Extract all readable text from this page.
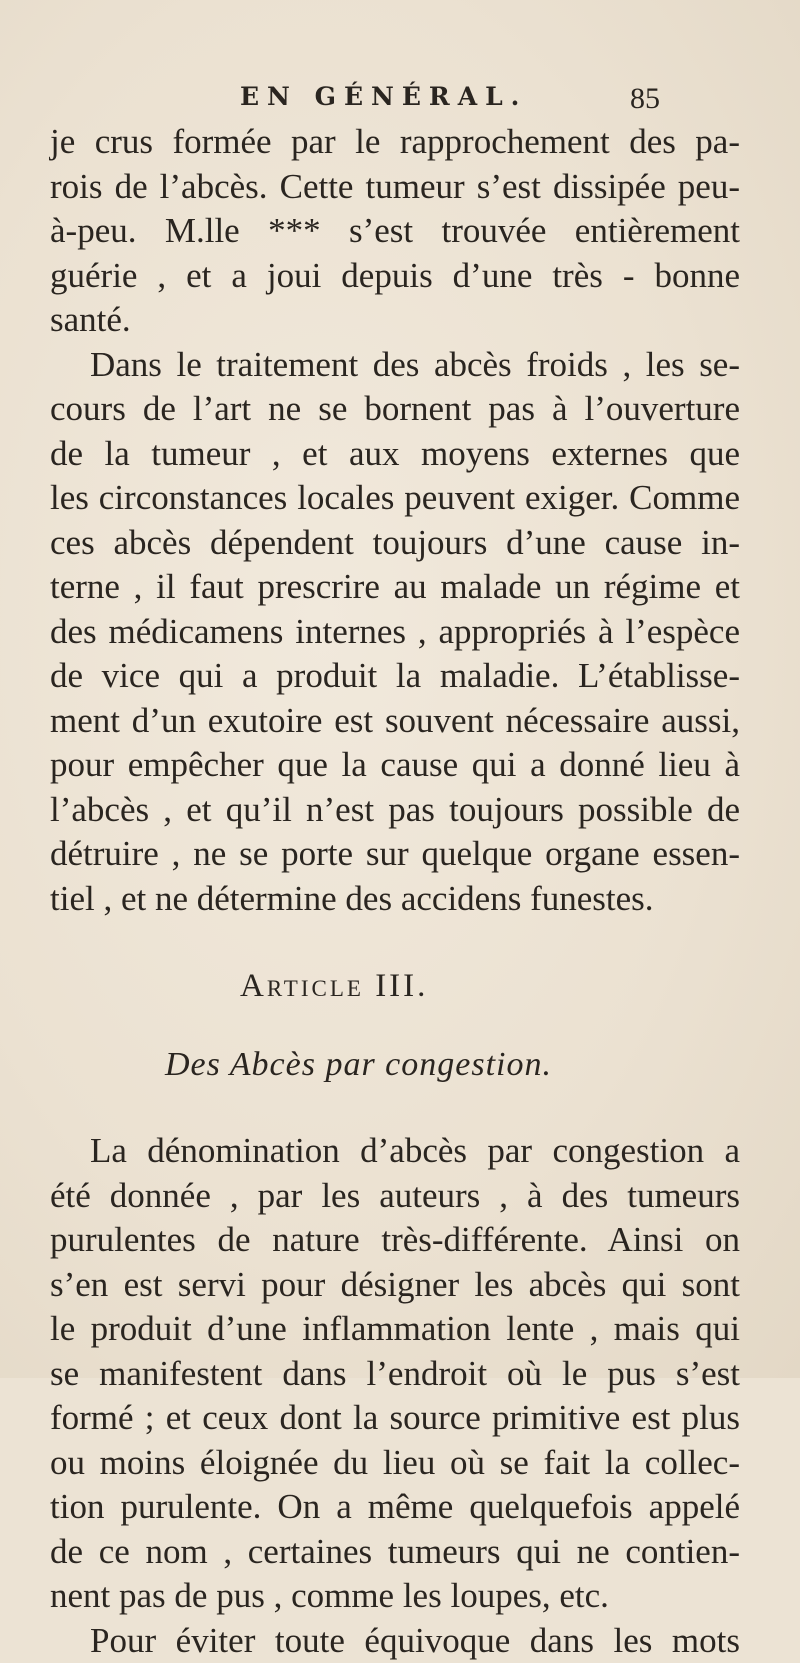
EN GÉNÉRAL.	85
je crus formée par le rapprochement des pa-
rois de l’abcès. Cette tumeur s’est dissipée peu-
à-peu. M.lle *** s’est trouvée entièrement
guérie , et a joui depuis d’une très - bonne
santé.
Dans le traitement des abcès froids , les se-
cours de l’art ne se bornent pas à l’ouverture
de la tumeur , et aux moyens externes que
les circonstances locales peuvent exiger. Comme
ces abcès dépendent toujours d’une cause in-
terne , il faut prescrire au malade un régime et
des médicamens internes , appropriés à l’espèce
de vice qui a produit la maladie. L’établisse-
ment d’un exutoire est souvent nécessaire aussi,
pour empêcher que la cause qui a donné lieu à
l’abcès , et qu’il n’est pas toujours possible de
détruire , ne se porte sur quelque organe essen-
tiel , et ne détermine des accidens funestes.
Article III.
Des Abcès par congestion.
La dénomination d’abcès par congestion a
été donnée , par les auteurs , à des tumeurs
purulentes de nature très-différente. Ainsi on
s’en est servi pour désigner les abcès qui sont
le produit d’une inflammation lente , mais qui
se manifestent dans l’endroit où le pus s’est
formé ; et ceux dont la source primitive est plus
ou moins éloignée du lieu où se fait la collec-
tion purulente. On a même quelquefois appelé
de ce nom , certaines tumeurs qui ne contien-
nent pas de pus , comme les loupes, etc.
Pour éviter toute équivoque dans les mots
